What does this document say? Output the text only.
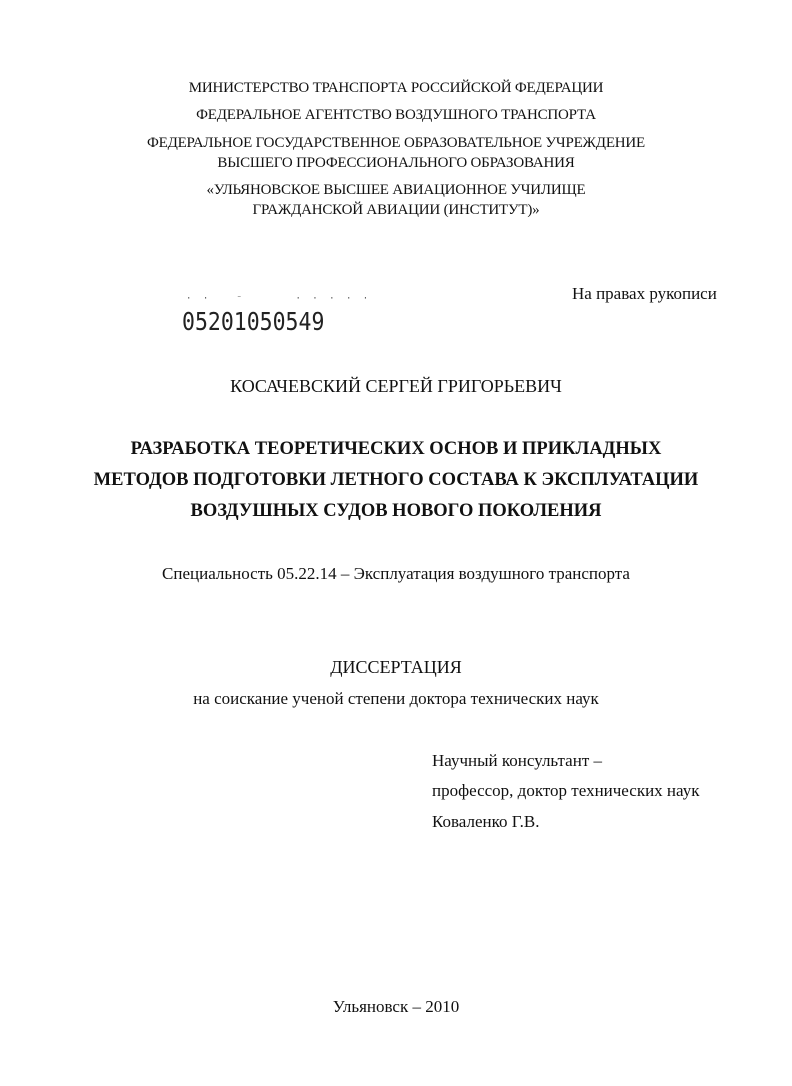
МИНИСТЕРСТВО ТРАНСПОРТА РОССИЙСКОЙ ФЕДЕРАЦИИ
ФЕДЕРАЛЬНОЕ АГЕНТСТВО ВОЗДУШНОГО ТРАНСПОРТА
ФЕДЕРАЛЬНОЕ ГОСУДАРСТВЕННОЕ ОБРАЗОВАТЕЛЬНОЕ УЧРЕЖДЕНИЕ
ВЫСШЕГО ПРОФЕССИОНАЛЬНОГО ОБРАЗОВАНИЯ
«УЛЬЯНОВСКОЕ ВЫСШЕЕ АВИАЦИОННОЕ УЧИЛИЩЕ
ГРАЖДАНСКОЙ АВИАЦИИ (ИНСТИТУТ)»
На правах рукописи
· ·   ⁻      · · · · ·
05201050549
КОСАЧЕВСКИЙ СЕРГЕЙ ГРИГОРЬЕВИЧ
РАЗРАБОТКА ТЕОРЕТИЧЕСКИХ ОСНОВ И ПРИКЛАДНЫХ
МЕТОДОВ ПОДГОТОВКИ ЛЕТНОГО СОСТАВА К ЭКСПЛУАТАЦИИ
ВОЗДУШНЫХ СУДОВ НОВОГО ПОКОЛЕНИЯ
Специальность 05.22.14 – Эксплуатация воздушного транспорта
ДИССЕРТАЦИЯ
на соискание ученой степени доктора технических наук
Научный консультант –
профессор, доктор технических наук
Коваленко Г.В.
Ульяновск – 2010
